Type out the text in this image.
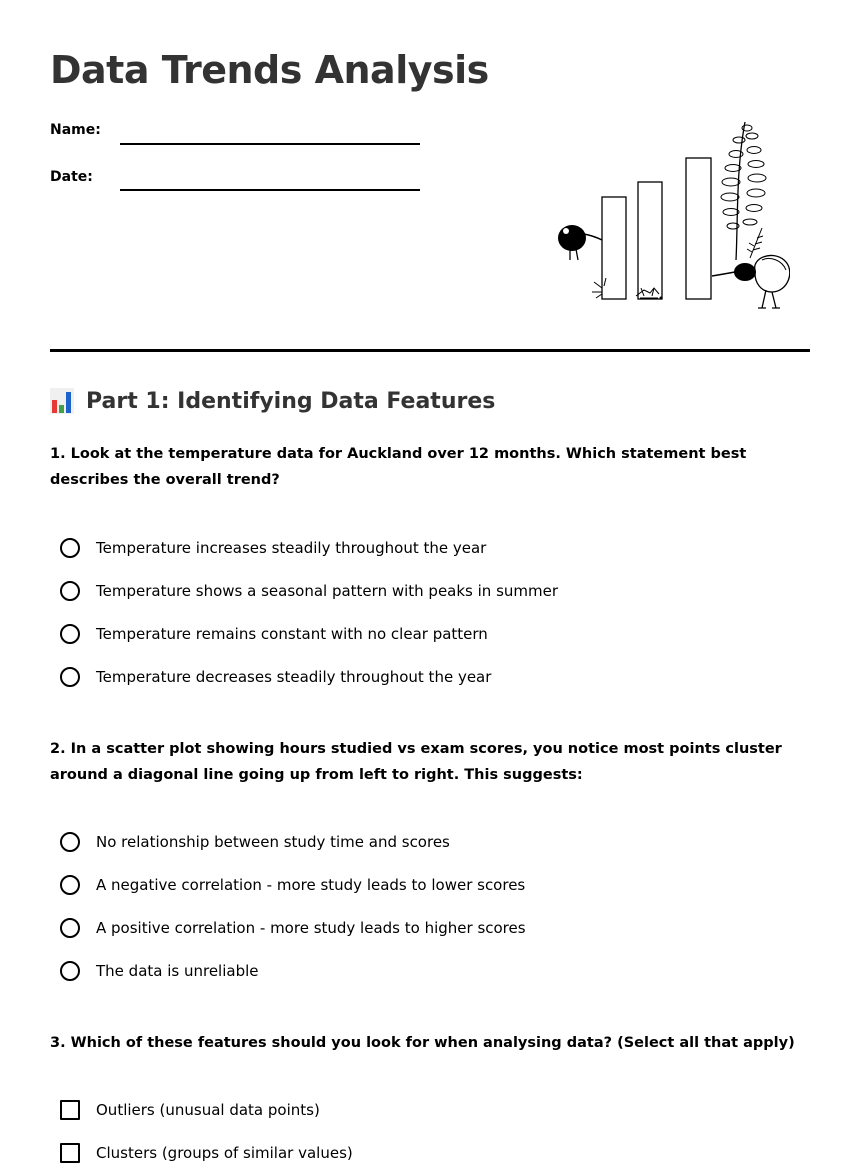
Data Trends Analysis
Name:
Date:
Part 1: Identifying Data Features

1. Look at the temperature data for Auckland over 12 months. Which statement best describes the overall trend?

Temperature increases steadily throughout the year
Temperature shows a seasonal pattern with peaks in summer
Temperature remains constant with no clear pattern
Temperature decreases steadily throughout the year

2. In a scatter plot showing hours studied vs exam scores, you notice most points cluster around a diagonal line going up from left to right. This suggests:

No relationship between study time and scores
A negative correlation - more study leads to lower scores
A positive correlation - more study leads to higher scores
The data is unreliable

3. Which of these features should you look for when analysing data? (Select all that apply)

Outliers (unusual data points)
Clusters (groups of similar values)
